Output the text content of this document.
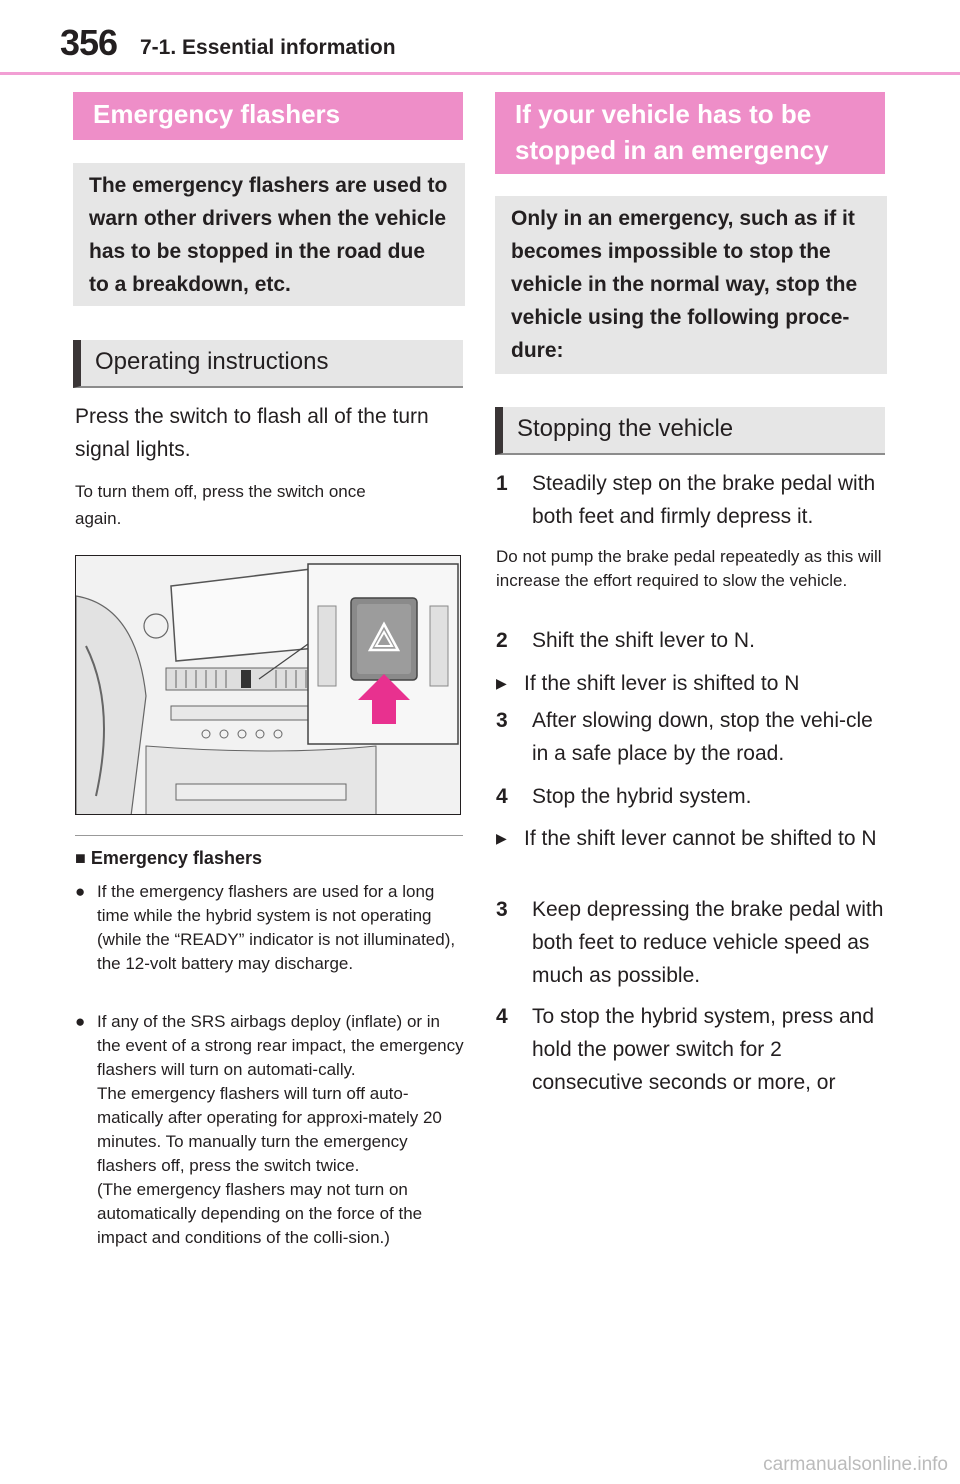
356 7-1. Essential information
Emergency flashers
The emergency flashers are used to warn other drivers when the vehicle has to be stopped in the road due to a breakdown, etc.
Operating instructions
Press the switch to flash all of the turn
signal lights.
To turn them off, press the switch once
again.
■ Emergency flashers
● If the emergency flashers are used for a long time while the hybrid system is not operating (while the “READY” indicator is not illuminated), the 12-volt battery may discharge.
● If any of the SRS airbags deploy (inflate) or in the event of a strong rear impact, the emergency flashers will turn on automati-cally.
The emergency flashers will turn off auto-matically after operating for approxi-mately 20 minutes. To manually turn the emergency flashers off, press the switch twice.
(The emergency flashers may not turn on automatically depending on the force of the impact and conditions of the colli-sion.)
If your vehicle has to be
stopped in an emergency
Only in an emergency, such as if it becomes impossible to stop the vehicle in the normal way, stop the vehicle using the following proce-dure:
Stopping the vehicle
1 Steadily step on the brake pedal with both feet and firmly depress it.
Do not pump the brake pedal repeatedly as this will increase the effort required to slow the vehicle.
2 Shift the shift lever to N.
▶ If the shift lever is shifted to N
3 After slowing down, stop the vehi-cle in a safe place by the road.
4 Stop the hybrid system.
▶ If the shift lever cannot be shifted to N
3 Keep depressing the brake pedal with both feet to reduce vehicle speed as much as possible.
4 To stop the hybrid system, press and hold the power switch for 2 consecutive seconds or more, or
carmanualsonline.info
